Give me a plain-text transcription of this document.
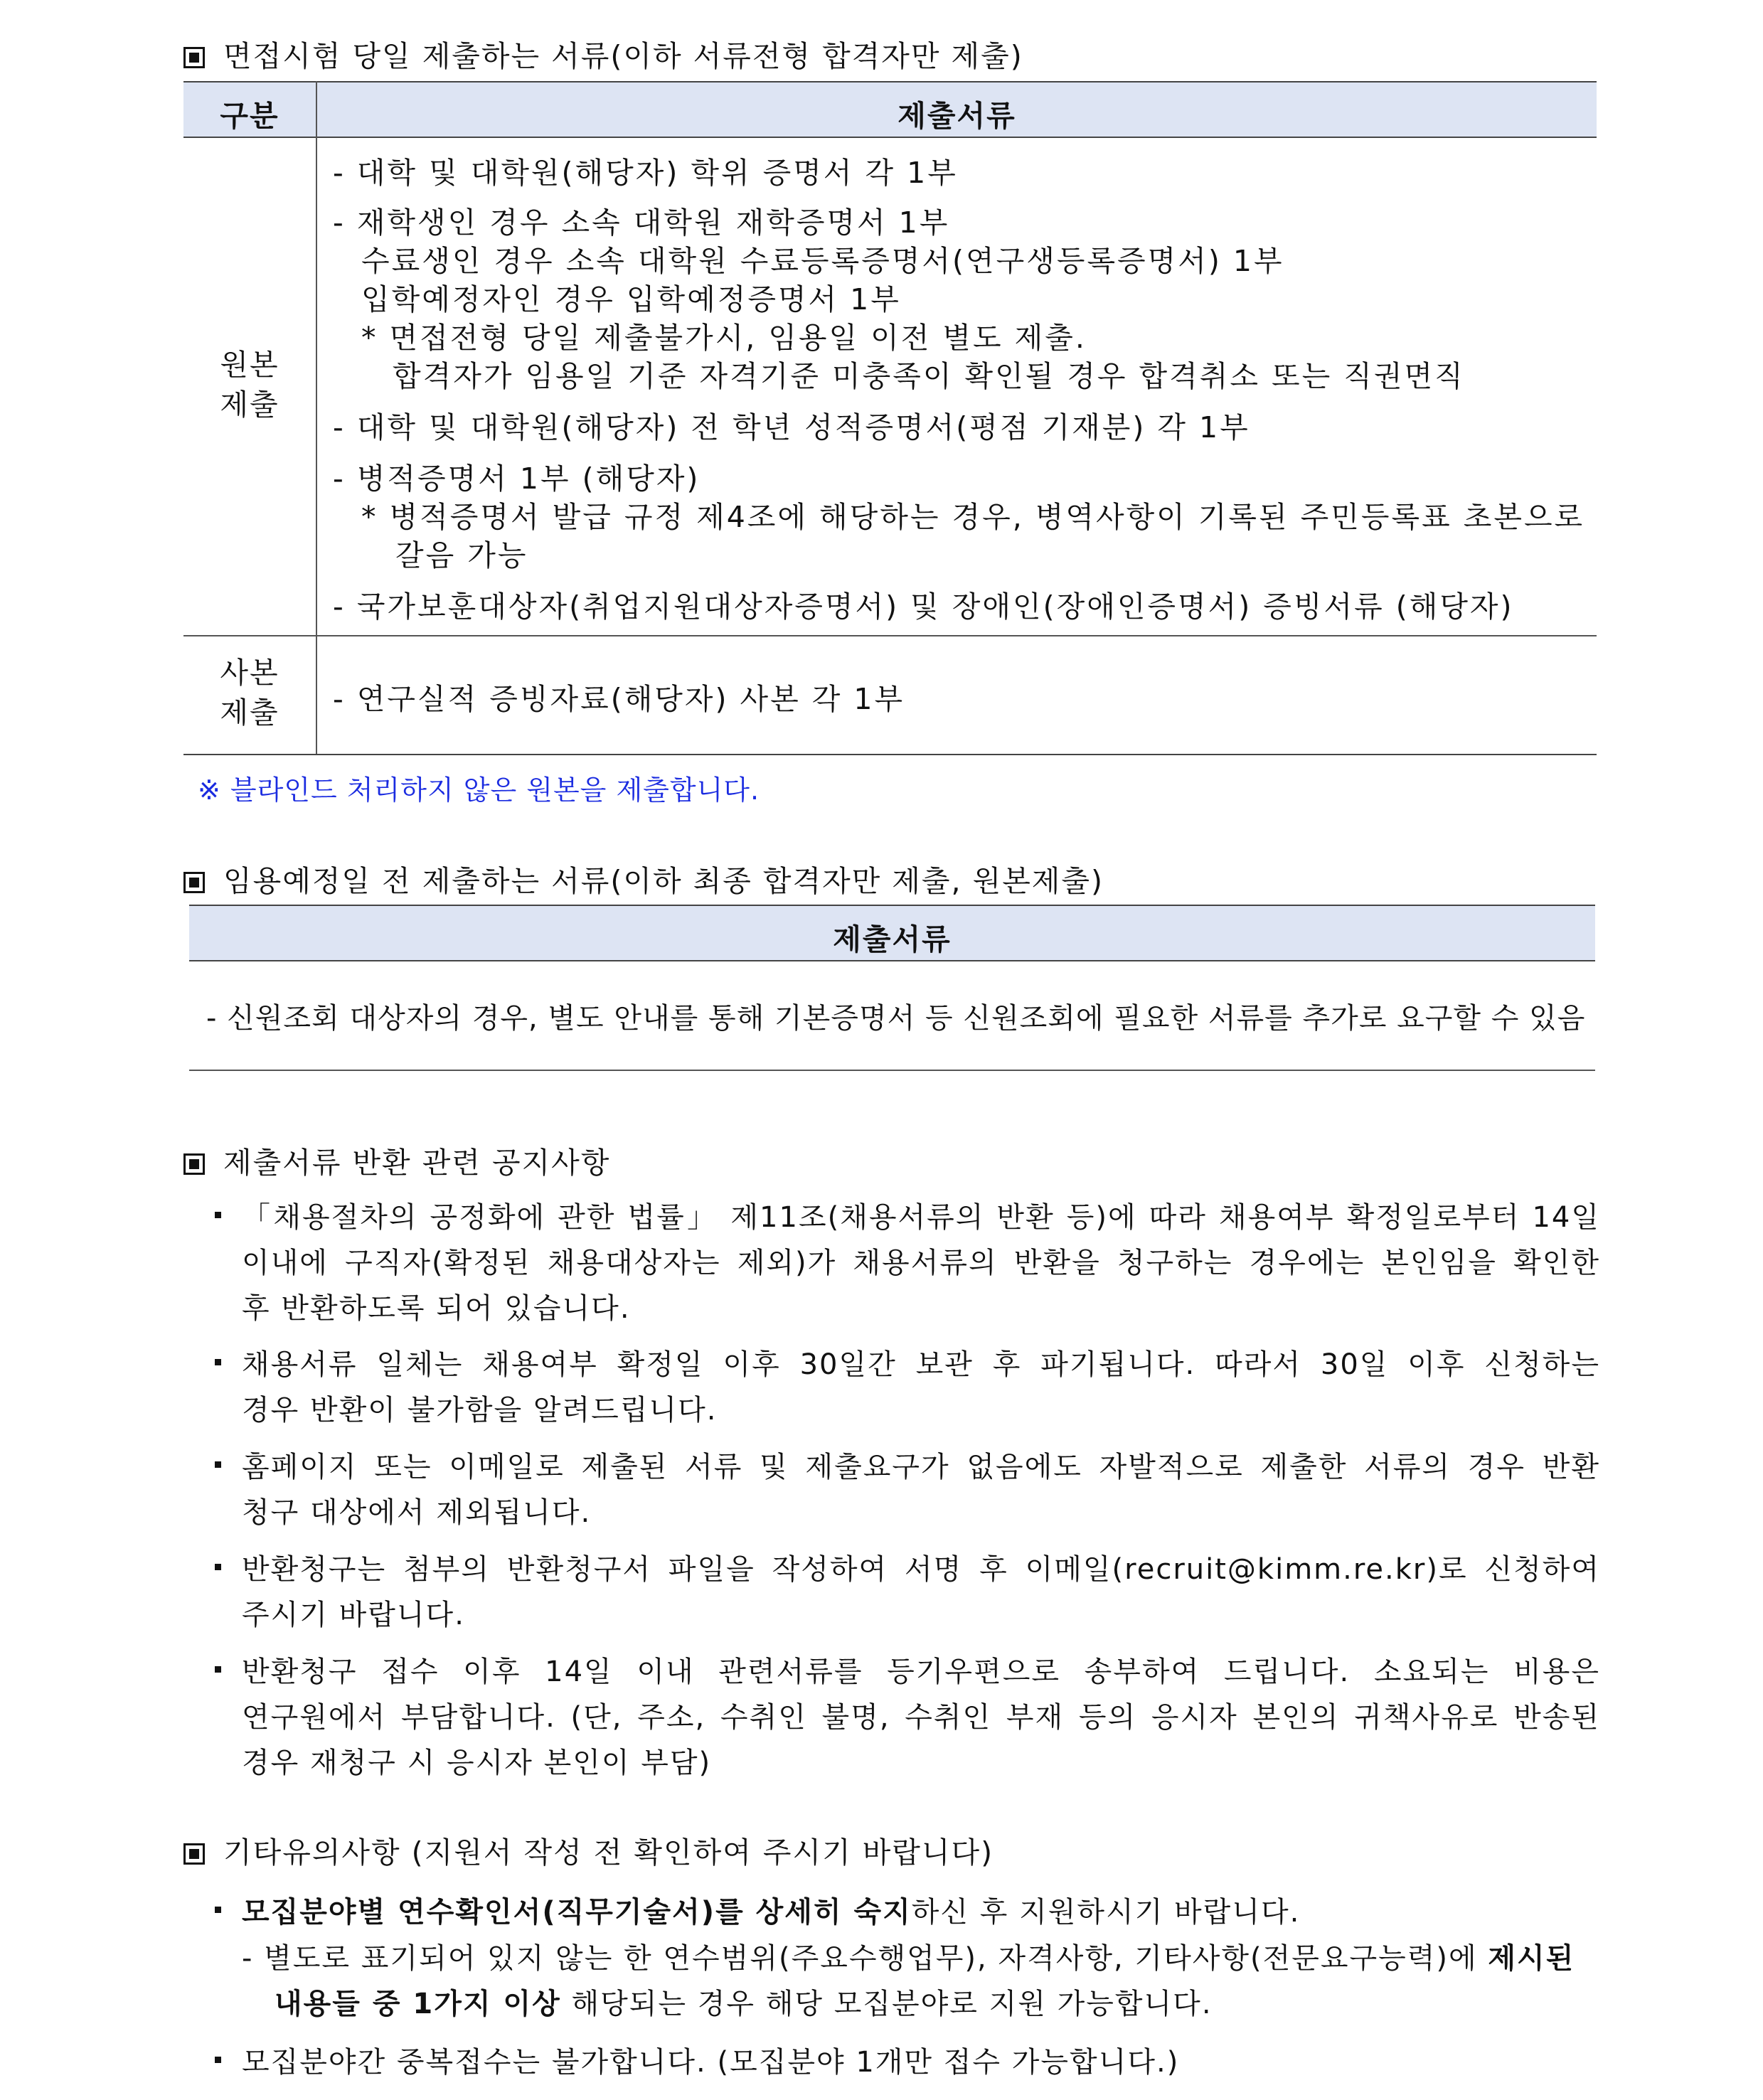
면접시험 당일 제출하는 서류(이하 서류전형 합격자만 제출)
구분	제출서류
원본
제출
- 대학 및 대학원(해당자) 학위 증명서 각 1부
- 재학생인 경우 소속 대학원 재학증명서 1부
수료생인 경우 소속 대학원 수료등록증명서(연구생등록증명서) 1부
입학예정자인 경우 입학예정증명서 1부
* 면접전형 당일 제출불가시, 임용일 이전 별도 제출.
합격자가 임용일 기준 자격기준 미충족이 확인될 경우 합격취소 또는 직권면직
- 대학 및 대학원(해당자) 전 학년 성적증명서(평점 기재분) 각 1부
- 병적증명서 1부 (해당자)
* 병적증명서 발급 규정 제4조에 해당하는 경우, 병역사항이 기록된 주민등록표 초본으로
갈음 가능
- 국가보훈대상자(취업지원대상자증명서) 및 장애인(장애인증명서) 증빙서류 (해당자)
사본
제출	- 연구실적 증빙자료(해당자) 사본 각 1부
※ 블라인드 처리하지 않은 원본을 제출합니다.
임용예정일 전 제출하는 서류(이하 최종 합격자만 제출, 원본제출)
제출서류
- 신원조회 대상자의 경우, 별도 안내를 통해 기본증명서 등 신원조회에 필요한 서류를 추가로 요구할 수 있음
제출서류 반환 관련 공지사항
「채용절차의 공정화에 관한 법률」 제11조(채용서류의 반환 등)에 따라 채용여부 확정일로부터 14일
이내에 구직자(확정된 채용대상자는 제외)가 채용서류의 반환을 청구하는 경우에는 본인임을 확인한
후 반환하도록 되어 있습니다.
채용서류 일체는 채용여부 확정일 이후 30일간 보관 후 파기됩니다. 따라서 30일 이후 신청하는
경우 반환이 불가함을 알려드립니다.
홈페이지 또는 이메일로 제출된 서류 및 제출요구가 없음에도 자발적으로 제출한 서류의 경우 반환
청구 대상에서 제외됩니다.
반환청구는 첨부의 반환청구서 파일을 작성하여 서명 후 이메일(recruit@kimm.re.kr)로 신청하여
주시기 바랍니다.
반환청구 접수 이후 14일 이내 관련서류를 등기우편으로 송부하여 드립니다. 소요되는 비용은
연구원에서 부담합니다. (단, 주소, 수취인 불명, 수취인 부재 등의 응시자 본인의 귀책사유로 반송된
경우 재청구 시 응시자 본인이 부담)
기타유의사항 (지원서 작성 전 확인하여 주시기 바랍니다)
모집분야별 연수확인서(직무기술서)를 상세히 숙지하신 후 지원하시기 바랍니다.
- 별도로 표기되어 있지 않는 한 연수범위(주요수행업무), 자격사항, 기타사항(전문요구능력)에 제시된
내용들 중 1가지 이상 해당되는 경우 해당 모집분야로 지원 가능합니다.
모집분야간 중복접수는 불가합니다. (모집분야 1개만 접수 가능합니다.)
